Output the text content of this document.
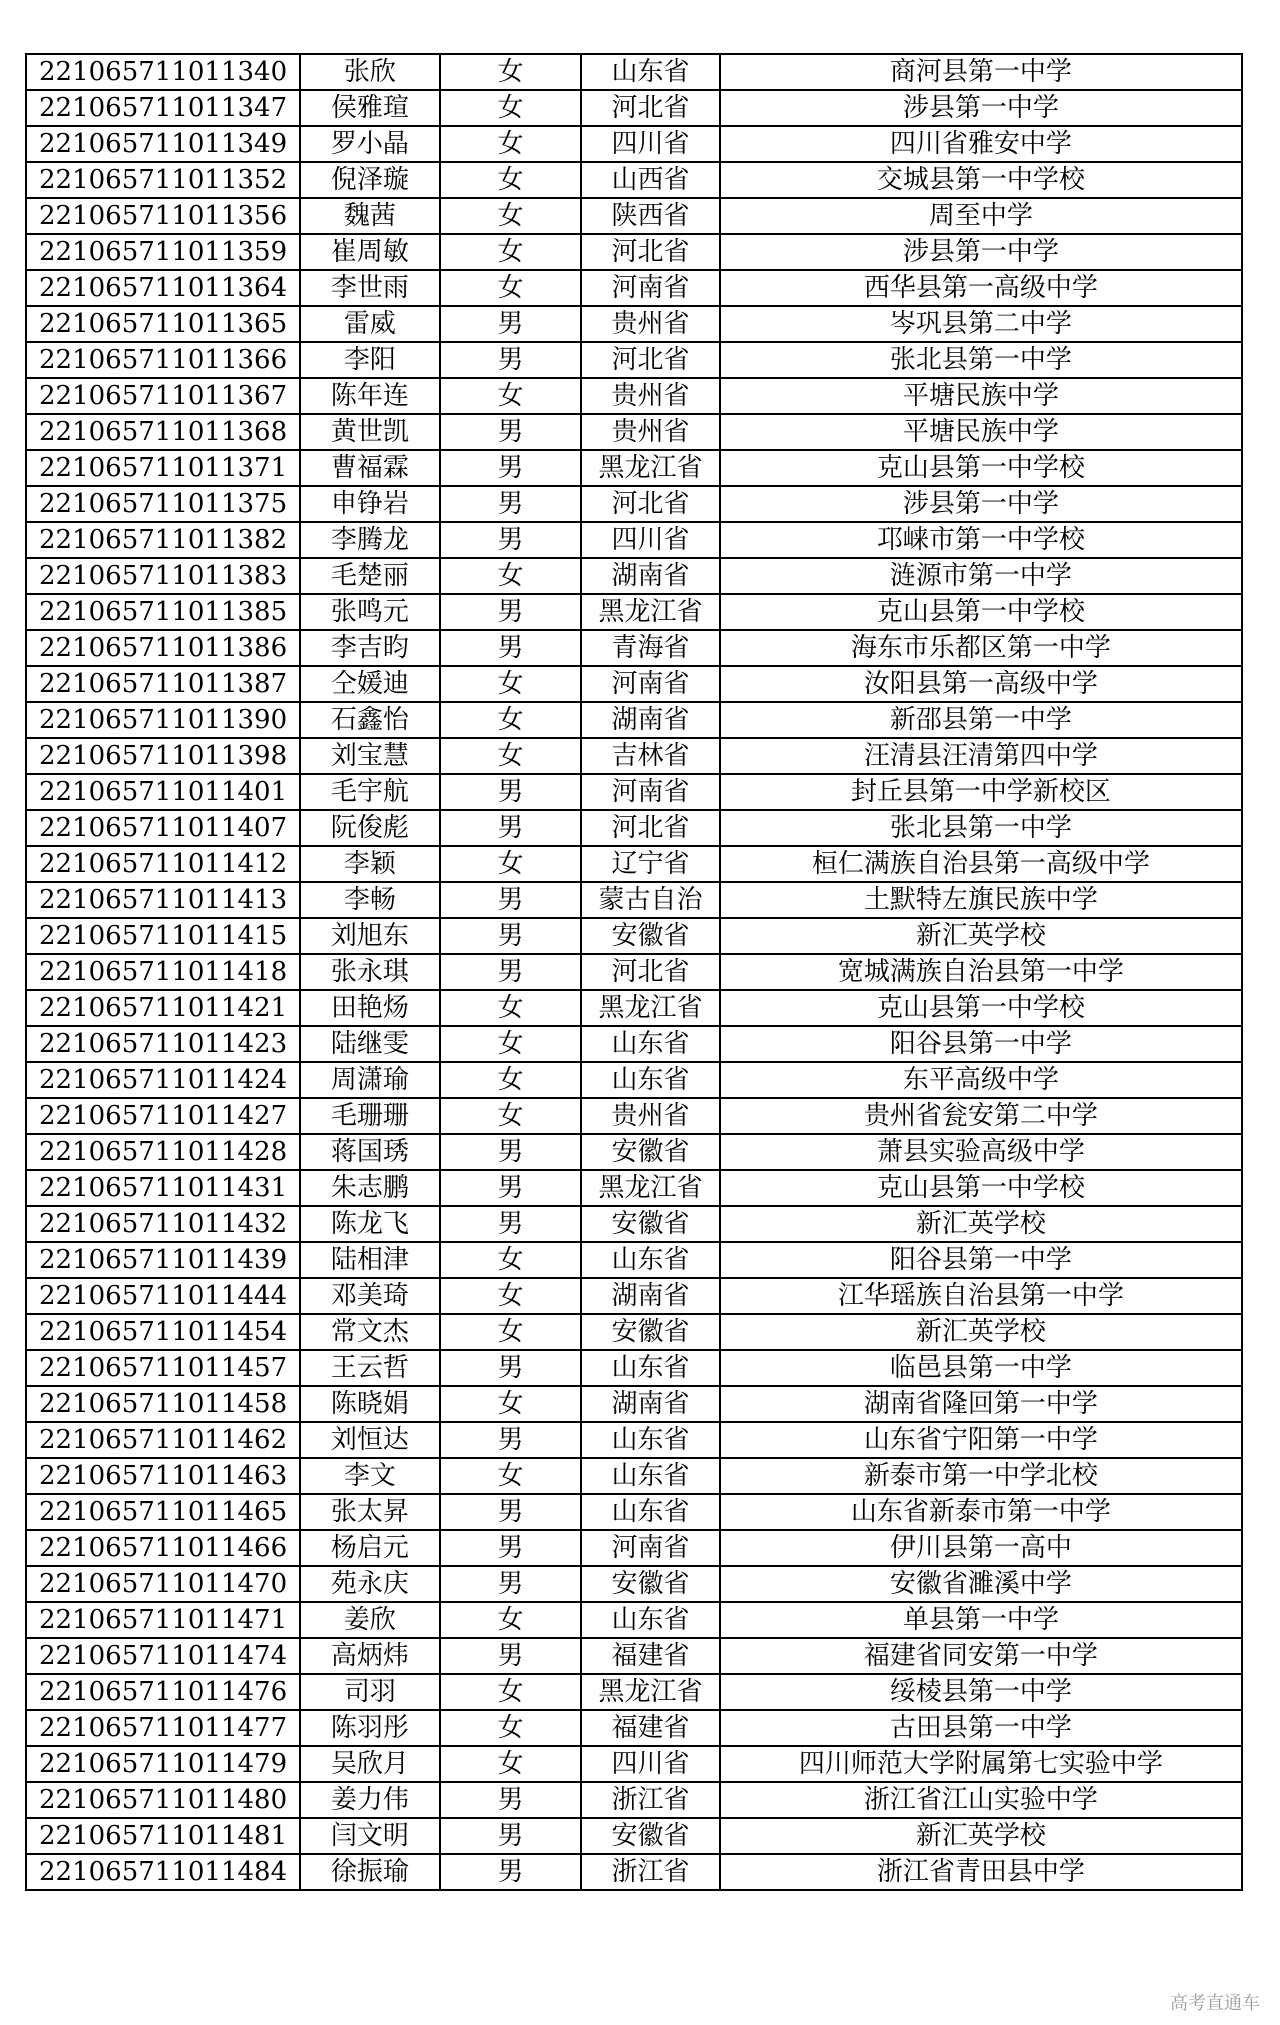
221065711011340	张欣	女	山东省	商河县第一中学
221065711011347	侯雅瑄	女	河北省	涉县第一中学
221065711011349	罗小晶	女	四川省	四川省雅安中学
221065711011352	倪泽璇	女	山西省	交城县第一中学校
221065711011356	魏茜	女	陕西省	周至中学
221065711011359	崔周敏	女	河北省	涉县第一中学
221065711011364	李世雨	女	河南省	西华县第一高级中学
221065711011365	雷威	男	贵州省	岑巩县第二中学
221065711011366	李阳	男	河北省	张北县第一中学
221065711011367	陈年连	女	贵州省	平塘民族中学
221065711011368	黄世凯	男	贵州省	平塘民族中学
221065711011371	曹福霖	男	黑龙江省	克山县第一中学校
221065711011375	申铮岩	男	河北省	涉县第一中学
221065711011382	李腾龙	男	四川省	邛崃市第一中学校
221065711011383	毛楚丽	女	湖南省	涟源市第一中学
221065711011385	张鸣元	男	黑龙江省	克山县第一中学校
221065711011386	李吉昀	男	青海省	海东市乐都区第一中学
221065711011387	仝媛迪	女	河南省	汝阳县第一高级中学
221065711011390	石鑫怡	女	湖南省	新邵县第一中学
221065711011398	刘宝慧	女	吉林省	汪清县汪清第四中学
221065711011401	毛宇航	男	河南省	封丘县第一中学新校区
221065711011407	阮俊彪	男	河北省	张北县第一中学
221065711011412	李颖	女	辽宁省	桓仁满族自治县第一高级中学
221065711011413	李畅	男	蒙古自治	土默特左旗民族中学
221065711011415	刘旭东	男	安徽省	新汇英学校
221065711011418	张永琪	男	河北省	宽城满族自治县第一中学
221065711011421	田艳炀	女	黑龙江省	克山县第一中学校
221065711011423	陆继雯	女	山东省	阳谷县第一中学
221065711011424	周潇瑜	女	山东省	东平高级中学
221065711011427	毛珊珊	女	贵州省	贵州省瓮安第二中学
221065711011428	蒋国琇	男	安徽省	萧县实验高级中学
221065711011431	朱志鹏	男	黑龙江省	克山县第一中学校
221065711011432	陈龙飞	男	安徽省	新汇英学校
221065711011439	陆相津	女	山东省	阳谷县第一中学
221065711011444	邓美琦	女	湖南省	江华瑶族自治县第一中学
221065711011454	常文杰	女	安徽省	新汇英学校
221065711011457	王云哲	男	山东省	临邑县第一中学
221065711011458	陈晓娟	女	湖南省	湖南省隆回第一中学
221065711011462	刘恒达	男	山东省	山东省宁阳第一中学
221065711011463	李文	女	山东省	新泰市第一中学北校
221065711011465	张太昇	男	山东省	山东省新泰市第一中学
221065711011466	杨启元	男	河南省	伊川县第一高中
221065711011470	苑永庆	男	安徽省	安徽省濉溪中学
221065711011471	姜欣	女	山东省	单县第一中学
221065711011474	高炳炜	男	福建省	福建省同安第一中学
221065711011476	司羽	女	黑龙江省	绥棱县第一中学
221065711011477	陈羽彤	女	福建省	古田县第一中学
221065711011479	吴欣月	女	四川省	四川师范大学附属第七实验中学
221065711011480	姜力伟	男	浙江省	浙江省江山实验中学
221065711011481	闫文明	男	安徽省	新汇英学校
221065711011484	徐振瑜	男	浙江省	浙江省青田县中学
高考直通车
